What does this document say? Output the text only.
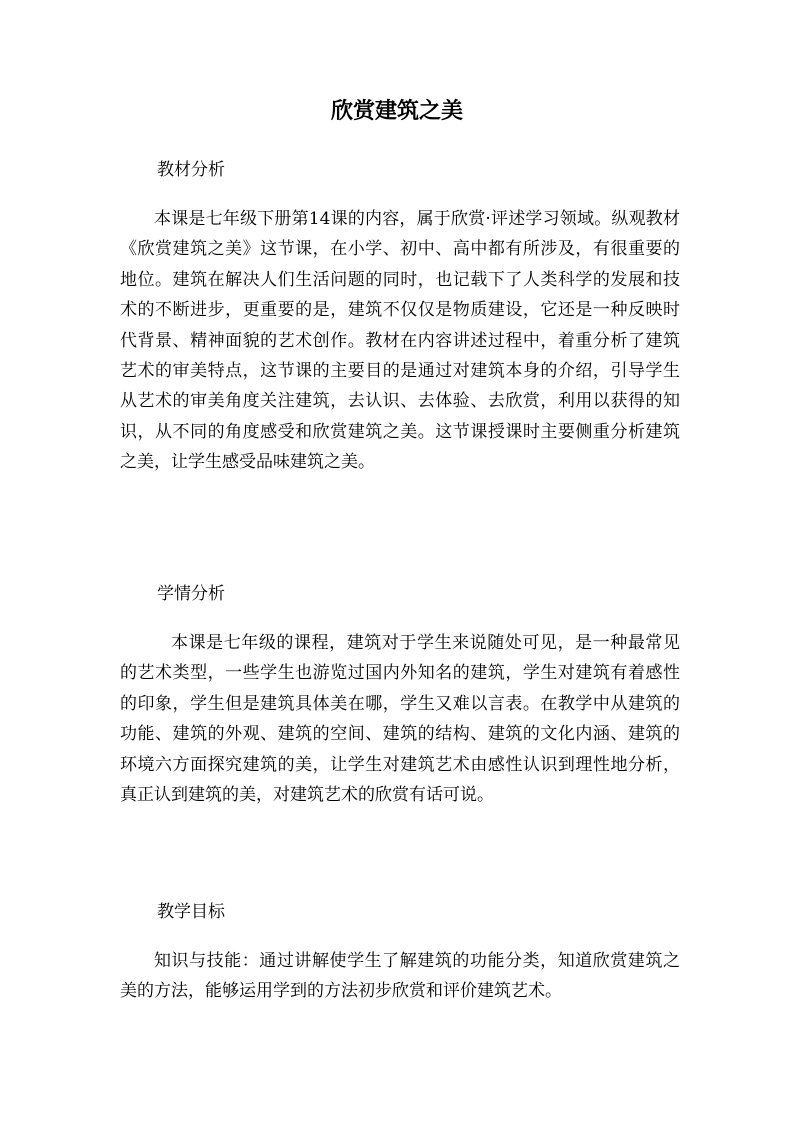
欣赏建筑之美
教材分析
本课是七年级下册第14课的内容，属于欣赏·评述学习领域。纵观教材《欣赏建筑之美》这节课，在小学、初中、高中都有所涉及，有很重要的地位。建筑在解决人们生活问题的同时，也记载下了人类科学的发展和技术的不断进步，更重要的是，建筑不仅仅是物质建设，它还是一种反映时代背景、精神面貌的艺术创作。教材在内容讲述过程中，着重分析了建筑艺术的审美特点，这节课的主要目的是通过对建筑本身的介绍，引导学生从艺术的审美角度关注建筑，去认识、去体验、去欣赏，利用以获得的知识，从不同的角度感受和欣赏建筑之美。这节课授课时主要侧重分析建筑之美，让学生感受品味建筑之美。
学情分析
本课是七年级的课程，建筑对于学生来说随处可见，是一种最常见的艺术类型，一些学生也游览过国内外知名的建筑，学生对建筑有着感性的印象，学生但是建筑具体美在哪，学生又难以言表。在教学中从建筑的功能、建筑的外观、建筑的空间、建筑的结构、建筑的文化内涵、建筑的环境六方面探究建筑的美，让学生对建筑艺术由感性认识到理性地分析，真正认到建筑的美，对建筑艺术的欣赏有话可说。
教学目标
知识与技能：通过讲解使学生了解建筑的功能分类，知道欣赏建筑之美的方法，能够运用学到的方法初步欣赏和评价建筑艺术。
